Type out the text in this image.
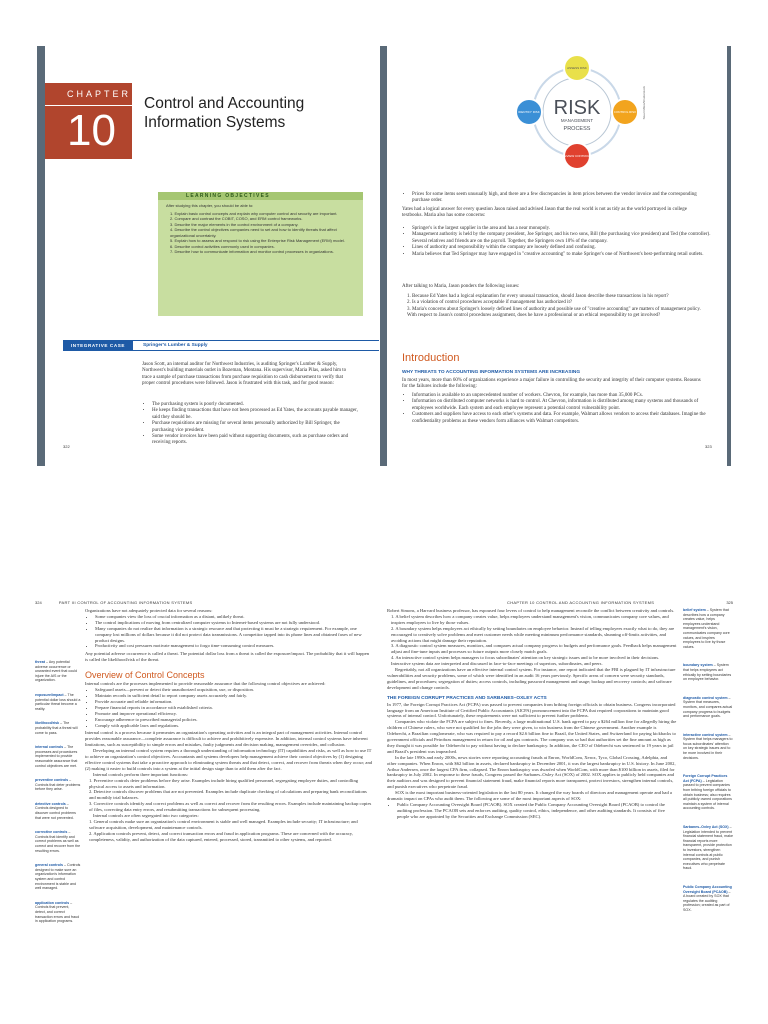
CHAPTER
10
Control and Accounting
Information Systems
LEARNING OBJECTIVES
After studying this chapter, you should be able to:
1. Explain basic control concepts and explain why computer control and security are important.
2. Compare and contrast the COBIT, COSO, and ERM control frameworks.
3. Describe the major elements in the control environment of a company.
4. Describe the control objectives companies need to set and how to identify threats that affect organizational uncertainty.
5. Explain how to assess and respond to risk using the Enterprise Risk Management (ERM) model.
6. Describe control activities commonly used in companies.
7. Describe how to communicate information and monitor control processes in organizations.
INTEGRATIVE CASE	Springer's Lumber & Supply
Jason Scott, an internal auditor for Northwest Industries, is auditing Springer's Lumber & Supply, Northwest's building materials outlet in Bozeman, Montana. His supervisor, Maria Pilas, asked him to trace a sample of purchase transactions from purchase requisition to cash disbursement to verify that proper control procedures were followed. Jason is frustrated with this task, and for good reason:
• The purchasing system is poorly documented.
• He keeps finding transactions that have not been processed as Ed Yates, the accounts payable manager, said they should be.
• Purchase requisitions are missing for several items personally authorized by Bill Springer, the purchasing vice president.
• Some vendor invoices have been paid without supporting documents, such as purchase orders and receiving reports.
322
RISK
MANAGEMENT
PROCESS
ASSESS RISK
IDENTIFY RISK	CONTROL RISK
REVIEW CONTROLS
Stuart Miles/Shutterstock
• Prices for some items seem unusually high, and there are a few discrepancies in item prices between the vendor invoice and the corresponding purchase order.
Yates had a logical answer for every question Jason raised and advised Jason that the real world is not as tidy as the world portrayed in college textbooks. Maria also has some concerns:
• Springer's is the largest supplier in the area and has a near monopoly.
• Management authority is held by the company president, Joe Springer, and his two sons, Bill (the purchasing vice president) and Ted (the controller). Several relatives and friends are on the payroll. Together, the Springers own 10% of the company.
• Lines of authority and responsibility within the company are loosely defined and confusing.
• Maria believes that Ted Springer may have engaged in "creative accounting" to make Springer's one of Northwest's best-performing retail outlets.
After talking to Maria, Jason ponders the following issues:
1. Because Ed Yates had a logical explanation for every unusual transaction, should Jason describe these transactions in his report?
2. Is a violation of control procedures acceptable if management has authorized it?
3. Maria's concerns about Springer's loosely defined lines of authority and possible use of "creative accounting" are matters of management policy. With respect to Jason's control procedures assignment, does he have a professional or an ethical responsibility to get involved?
Introduction
WHY THREATS TO ACCOUNTING INFORMATION SYSTEMS ARE INCREASING
In most years, more than 60% of organizations experience a major failure in controlling the security and integrity of their computer systems. Reasons for the failures include the following:
• Information is available to an unprecedented number of workers. Chevron, for example, has more than 35,000 PCs.
• Information on distributed computer networks is hard to control. At Chevron, information is distributed among many systems and thousands of employees worldwide. Each system and each employee represent a potential control vulnerability point.
• Customers and suppliers have access to each other's systems and data. For example, Walmart allows vendors to access their databases. Imagine the confidentiality problems as these vendors form alliances with Walmart competitors.
323
324	PART III CONTROL OF ACCOUNTING INFORMATION SYSTEMS	CHAPTER 10 CONTROL AND ACCOUNTING INFORMATION SYSTEMS	325
threat – Any potential adverse occurrence or unwanted event that could injure the AIS or the organization.
exposure/impact – The potential dollar loss should a particular threat become a reality.
likelihood/risk – The probability that a threat will come to pass.
internal controls – The processes and procedures implemented to provide reasonable assurance that control objectives are met.
preventive controls – Controls that deter problems before they arise.
detective controls – Controls designed to discover control problems that were not prevented.
corrective controls – Controls that identify and correct problems as well as correct and recover from the resulting errors.
general controls – Controls designed to make sure an organization's information system and control environment is stable and well managed.
application controls – Controls that prevent, detect, and correct transaction errors and fraud in application programs.
Organizations have not adequately protected data for several reasons:
• Some companies view the loss of crucial information as a distant, unlikely threat.
• The control implications of moving from centralized computer systems to Internet-based systems are not fully understood.
• Many companies do not realize that information is a strategic resource and that protecting it must be a strategic requirement. For example, one company lost millions of dollars because it did not protect data transmissions. A competitor tapped into its phone lines and obtained faxes of new product designs.
• Productivity and cost pressures motivate management to forgo time-consuming control measures.
Any potential adverse occurrence is called a threat. The potential dollar loss from a threat is called the exposure/impact. The probability that it will happen is called the likelihood/risk of the threat.
Overview of Control Concepts
Internal controls are the processes implemented to provide reasonable assurance that the following control objectives are achieved:
• Safeguard assets—prevent or detect their unauthorized acquisition, use, or disposition.
• Maintain records in sufficient detail to report company assets accurately and fairly.
• Provide accurate and reliable information.
• Prepare financial reports in accordance with established criteria.
• Promote and improve operational efficiency.
• Encourage adherence to prescribed managerial policies.
• Comply with applicable laws and regulations.
Internal control is a process because it permeates an organization's operating activities and is an integral part of management activities. Internal control provides reasonable assurance—complete assurance is difficult to achieve and prohibitively expensive. In addition, internal control systems have inherent limitations, such as susceptibility to simple errors and mistakes, faulty judgments and decision making, management overrides, and collusion.
Developing an internal control system requires a thorough understanding of information technology (IT) capabilities and risks, as well as how to use IT to achieve an organization's control objectives. Accountants and systems developers help management achieve their control objectives by (1) designing effective control systems that take a proactive approach to eliminating system threats and that detect, correct, and recover from threats when they occur; and (2) making it easier to build controls into a system at the initial design stage than to add them after the fact.
Internal controls perform three important functions:
1. Preventive controls deter problems before they arise. Examples include hiring qualified personnel, segregating employee duties, and controlling physical access to assets and information.
2. Detective controls discover problems that are not prevented. Examples include duplicate checking of calculations and preparing bank reconciliations and monthly trial balances.
3. Corrective controls identify and correct problems as well as correct and recover from the resulting errors. Examples include maintaining backup copies of files, correcting data entry errors, and resubmitting transactions for subsequent processing.
Internal controls are often segregated into two categories:
1. General controls make sure an organization's control environment is stable and well managed. Examples include security; IT infrastructure; and software acquisition, development, and maintenance controls.
2. Application controls prevent, detect, and correct transaction errors and fraud in application programs. These are concerned with the accuracy, completeness, validity, and authorization of the data captured, entered, processed, stored, transmitted to other systems, and reported.
Robert Simons, a Harvard business professor, has espoused four levers of control to help management reconcile the conflict between creativity and controls.
1. A belief system describes how a company creates value, helps employees understand management's vision, communicates company core values, and inspires employees to live by those values.
2. A boundary system helps employees act ethically by setting boundaries on employee behavior. Instead of telling employees exactly what to do, they are encouraged to creatively solve problems and meet customer needs while meeting minimum performance standards, shunning off-limits activities, and avoiding actions that might damage their reputation.
3. A diagnostic control system measures, monitors, and compares actual company progress to budgets and performance goals. Feedback helps management adjust and fine-tune inputs and processes so future outputs more closely match goals.
4. An interactive control system helps managers to focus subordinates' attention on key strategic issues and to be more involved in their decisions. Interactive system data are interpreted and discussed in face-to-face meetings of superiors, subordinates, and peers.
Regrettably, not all organizations have an effective internal control system. For instance, one report indicated that the FBI is plagued by IT infrastructure vulnerabilities and security problems, some of which were identified in an audit 16 years previously. Specific areas of concern were security standards, guidelines, and procedures; segregation of duties; access controls, including password management and usage; backup and recovery controls; and software development and change controls.
THE FOREIGN CORRUPT PRACTICES AND SARBANES–OXLEY ACTS
In 1977, the Foreign Corrupt Practices Act (FCPA) was passed to prevent companies from bribing foreign officials to obtain business. Congress incorporated language from an American Institute of Certified Public Accountants (AICPA) pronouncement into the FCPA that required corporations to maintain good systems of internal control. Unfortunately, these requirements were not sufficient to prevent further problems.
Companies who violate the FCPA are subject to fines. Recently, a large multinational U.S. bank agreed to pay a $264 million fine for allegedly hiring the children of Chinese rulers, who were not qualified for the jobs they were given, to win business from the Chinese government. Another example is Odebrecht, a Brazilian conglomerate, who was required to pay a record $2.6 billion fine to Brazil, the United States, and Switzerland for paying kickbacks to government officials and Petrobras management in return for oil and gas contracts. The company was so bad that authorities set the fine amount as high as they thought it was possible for Odebrecht to pay without having to declare bankruptcy. In addition, the CEO of Odebrecht was sentenced to 19 years in jail and Brazil's president was impeached.
In the late 1990s and early 2000s, news stories were reporting accounting frauds at Enron, WorldCom, Xerox, Tyco, Global Crossing, Adelphia, and other companies. When Enron, with $62 billion in assets, declared bankruptcy in December 2001, it was the largest bankruptcy in U.S. history. In June 2002, Arthur Andersen, once the largest CPA firm, collapsed. The Enron bankruptcy was dwarfed when WorldCom, with more than $100 billion in assets, filed for bankruptcy in July 2002. In response to these frauds, Congress passed the Sarbanes–Oxley Act (SOX) of 2002. SOX applies to publicly held companies and their auditors and was designed to prevent financial statement fraud, make financial reports more transparent, protect investors, strengthen internal controls, and punish executives who perpetrate fraud.
SOX is the most important business-oriented legislation in the last 80 years. It changed the way boards of directors and management operate and had a dramatic impact on CPAs who audit them. The following are some of the most important aspects of SOX:
• Public Company Accounting Oversight Board (PCAOB). SOX created the Public Company Accounting Oversight Board (PCAOB) to control the auditing profession. The PCAOB sets and enforces auditing, quality control, ethics, independence, and other auditing standards. It consists of five people who are appointed by the Securities and Exchange Commission (SEC).
belief system – System that describes how a company creates value, helps employees understand management's vision, communicates company core values, and inspires employees to live by those values.
boundary system – System that helps employees act ethically by setting boundaries on employee behavior.
diagnostic control system – System that measures, monitors, and compares actual company progress to budgets and performance goals.
interactive control system – System that helps managers to focus subordinates' attention on key strategic issues and to be more involved in their decisions.
Foreign Corrupt Practices Act (FCPA) – Legislation passed to prevent companies from bribing foreign officials to obtain business; also requires all publicly owned corporations maintain a system of internal accounting controls.
Sarbanes–Oxley Act (SOX) – Legislation intended to prevent financial statement fraud, make financial reports more transparent, provide protection to investors, strengthen internal controls at public companies, and punish executives who perpetrate fraud.
Public Company Accounting Oversight Board (PCAOB) – A board created by SOX that regulates the auditing profession; created as part of SOX.
